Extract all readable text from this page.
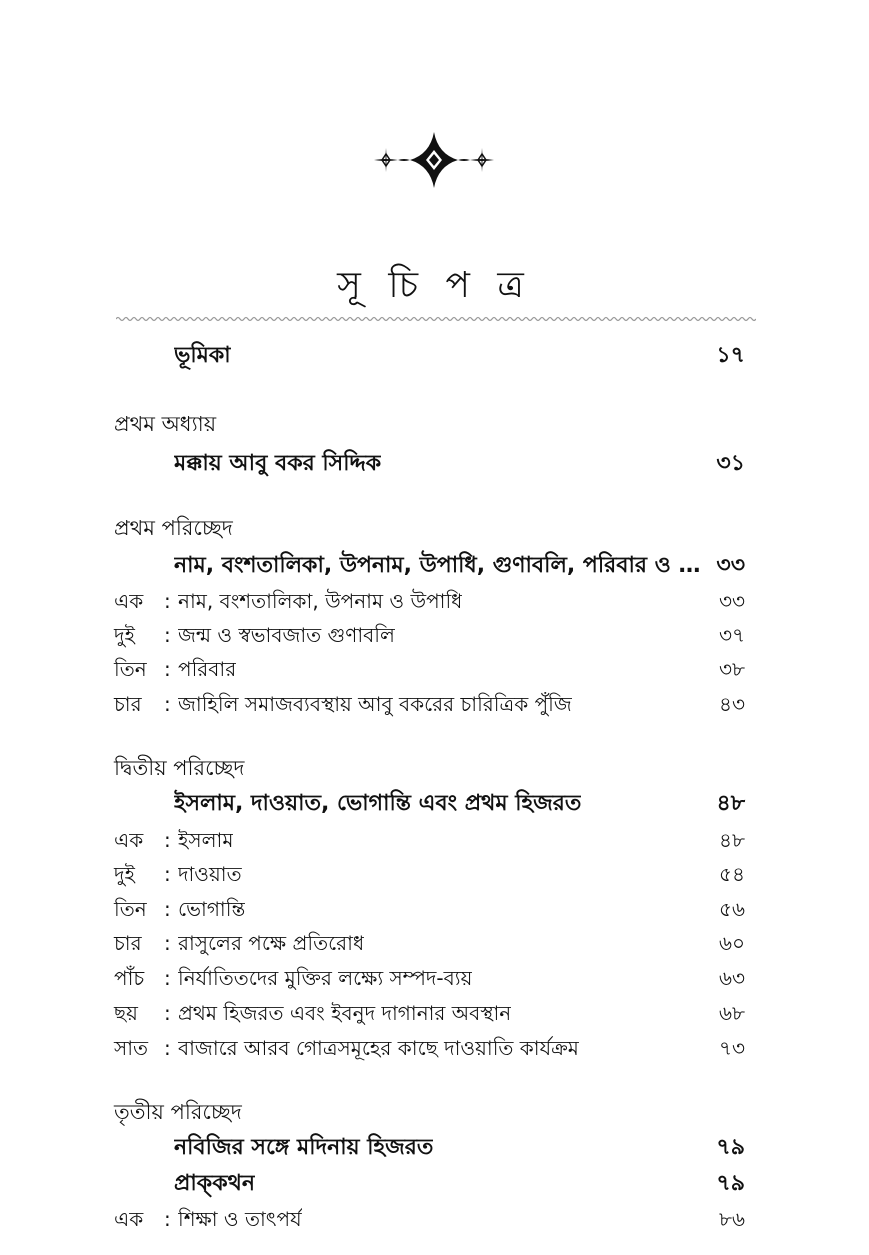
সূ চি প ত্র
ভূমিকা	১৭
প্রথম অধ্যায়
মক্কায় আবু বকর সিদ্দিক	৩১
প্রথম পরিচ্ছেদ
নাম, বংশতালিকা, উপনাম, উপাধি, গুণাবলি, পরিবার ও … ৩৩
এক	: নাম, বংশতালিকা, উপনাম ও উপাধি	৩৩
দুই	: জন্ম ও স্বভাবজাত গুণাবলি	৩৭
তিন : পরিবার	৩৮
চার	: জাহিলি সমাজব্যবস্থায় আবু বকরের চারিত্রিক পুঁজি	৪৩
দ্বিতীয় পরিচ্ছেদ
ইসলাম, দাওয়াত, ভোগান্তি এবং প্রথম হিজরত	৪৮
এক	: ইসলাম	৪৮
দুই	: দাওয়াত	৫৪
তিন : ভোগান্তি	৫৬
চার	: রাসুলের পক্ষে প্রতিরোধ	৬০
পাঁচ : নির্যাতিতদের মুক্তির লক্ষ্যে সম্পদ-ব্যয়	৬৩
ছয়	: প্রথম হিজরত এবং ইবনুদ দাগানার অবস্থান	৬৮
সাত : বাজারে আরব গোত্রসমূহের কাছে দাওয়াতি কার্যক্রম	৭৩
তৃতীয় পরিচ্ছেদ
নবিজির সঙ্গে মদিনায় হিজরত	৭৯
প্রাক্‌কথন	৭৯
এক	: শিক্ষা ও তাৎপর্য	৮৬
